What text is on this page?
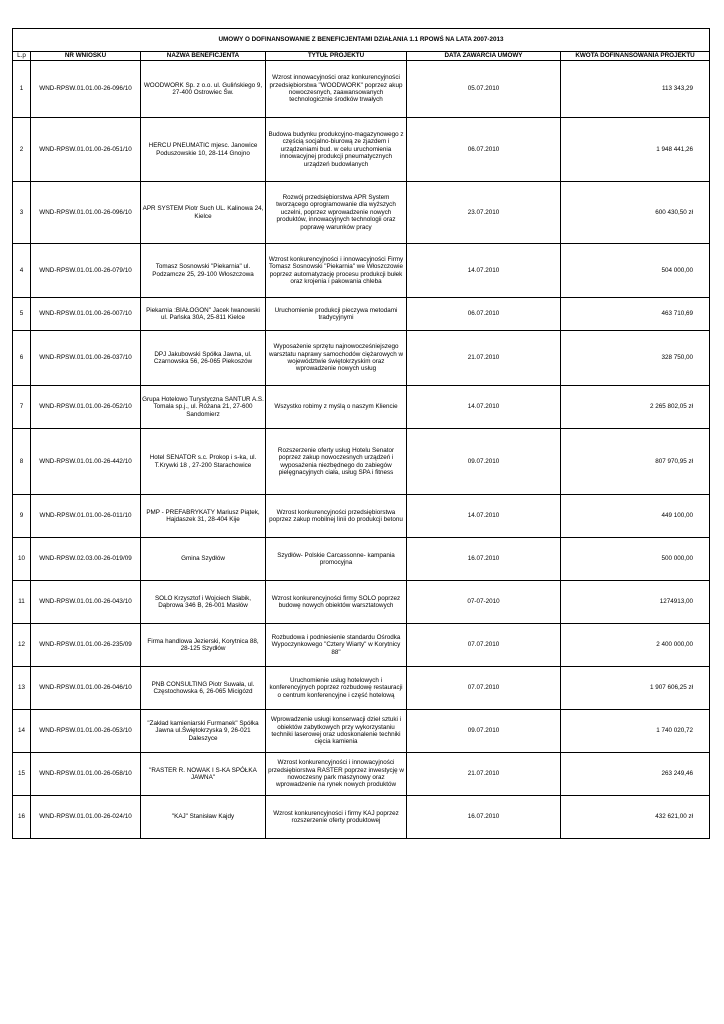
UMOWY O DOFINANSOWANIE Z BENEFICJENTAMI DZIAŁANIA 1.1 RPOWŚ NA LATA 2007-2013					
L.p	NR WNIOSKU	NAZWA BENEFICJENTA	TYTUŁ PROJEKTU	DATA ZAWARCIA UMOWY	KWOTA DOFINANSOWANIA PROJEKTU

1	WND-RPSW.01.01.00-26-096/10	WOODWORK Sp. z o.o. ul. Gulińskiego 9, 27-400 Ostrowiec Św.	Wzrost innowacyjności oraz konkurencyjności przedsiębiorstwa "WOODWORK" poprzez akup nowoczesnych, zaawansowanych technologicznie środków trwałych	05.07.2010	113 343,29

2	WND-RPSW.01.01.00-26-051/10	HERCU PNEUMATIC mjesc. Janowice Poduszowskie 10, 28-114 Gnojno	Budowa budynku produkcyjno-magazynowego z częścią socjalno-biurową ze zjazdem i urządzeniami bud. w celu uruchomienia innowacyjnej produkcji pneumatycznych urządzeń budowlanych	06.07.2010	1 948 441,26

3	WND-RPSW.01.01.00-26-096/10	APR SYSTEM Piotr Such UL. Kalinowa 24, Kielce	Rozwój przedsiębiorstwa APR System tworzącego oprogramowanie dla wyższych uczelni, poprzez wprowadzenie nowych produktów, innowacyjnych technologii oraz poprawę warunków pracy	23.07.2010	600 430,50 zł

4	WND-RPSW.01.01.00-26-079/10	Tomasz Sosnowski "Piekarnia" ul. Podzamcze 25, 29-100 Włoszczowa	Wzrost konkurencyjności i innowacyjności Firmy Tomasz Sosnowski "Piekarnia" we Włoszczowie poprzez automatyzację procesu produkcji bułek oraz krojenia i pakowania chleba	14.07.2010	504 000,00

5	WND-RPSW.01.01.00-26-007/10	Piekarnia :BIAŁOGON" Jacek Iwanowski ul. Pańska 30A, 25-811 Kielce	Uruchomienie produkcji pieczywa metodami tradycyjnymi	06.07.2010	463 710,69

6	WND-RPSW.01.01.00-26-037/10	DPJ Jakubowski Spółka Jawna, ul. Czarnowska 56, 26-065 Piekoszów	Wyposażenie sprzętu najnowocześniejszego warsztatu naprawy samochodów ciężarowych w województwie świętokrzyskim oraz wprowadzenie nowych usług	21.07.2010	328 750,00

7	WND-RPSW.01.01.00-26-052/10	Grupa Hotelowo Turystyczna SANTUR A.S. Tomala sp.j., ul. Różana 21, 27-600 Sandomierz	Wszystko robimy z myślą o naszym Kliencie	14.07.2010	2 265 802,05 zł

8	WND-RPSW.01.01.00-26-442/10	Hotel SENATOR s.c. Prokop i s-ka, ul. T.Krywki 18 , 27-200 Starachowice	Rozszerzenie oferty usług Hotelu Senator poprzez zakup nowoczesnych urządzeń i wyposażenia niezbędnego do zabiegów pielęgnacyjnych ciała, usług SPA i fitness	09.07.2010	807 970,95 zł

9	WND-RPSW.01.01.00-26-011/10	PMP - PREFABRYKATY Mariusz Piątek, Hajdaszek 31, 28-404 Kije	Wzrost konkurencyjności przedsiębiorstwa poprzez zakup mobilnej linii do produkcji betonu	14.07.2010	449 100,00

10	WND-RPSW.02.03.00-26-019/09	Gmina Szydłów	Szydłów- Polskie Carcassonne- kampania promocyjna	16.07.2010	500 000,00

11	WND-RPSW.01.01.00-26-043/10	SOLO Krzysztof i Wojciech Słabik, Dąbrowa 346 B, 26-001 Masłów	Wzrost konkurencyjności firmy SOLO poprzez budowę nowych obiektów warsztatowych	07-07-2010	1274913,00

12	WND-RPSW.01.01.00-26-235/09	Firma handlowa Jezierski, Korytnica 88, 28-125 Szydłów	Rozbudowa i podniesienie standardu Ośrodka Wypoczynkowego "Cztery Wiarty" w Korytnicy 88"	07.07.2010	2 400 000,00

13	WND-RPSW.01.01.00-26-046/10	PNB CONSULTING Piotr Suwała, ul. Częstochowska 6, 26-065 Micigózd	Uruchomienie usług hotelowych i konferencyjnych poprzez rozbudowę restauracji o centrum konferencyjne i część hotelową	07.07.2010	1 907 606,25 zł

14	WND-RPSW.01.01.00-26-053/10	"Zakład kamieniarski Furmanek" Spółka Jawna ul.Świętokrzyska 9, 26-021 Daleszyce	Wprowadzenie usługi konserwacji dzieł sztuki i obiektów zabytkowych przy wykorzystaniu techniki laserowej oraz udoskonalenie techniki cięcia kamienia	09.07.2010	1 740 020,72

15	WND-RPSW.01.01.00-26-058/10	"RASTER R. NOWAK I S-KA SPÓŁKA JAWNA"	Wzrost konkurencyjności i innowacyjności przedsiębiorstwa RASTER poprzez inwestycję w nowoczesny park maszynowy oraz wprowadzenie na rynek nowych produktów	21.07.2010	263 249,46

16	WND-RPSW.01.01.00-26-024/10	"KAJ" Stanisław Kajdy	Wzrost konkurencyjności i firmy KAJ poprzez rozszerzenie oferty produktowej	16.07.2010	432 621,00 zł
